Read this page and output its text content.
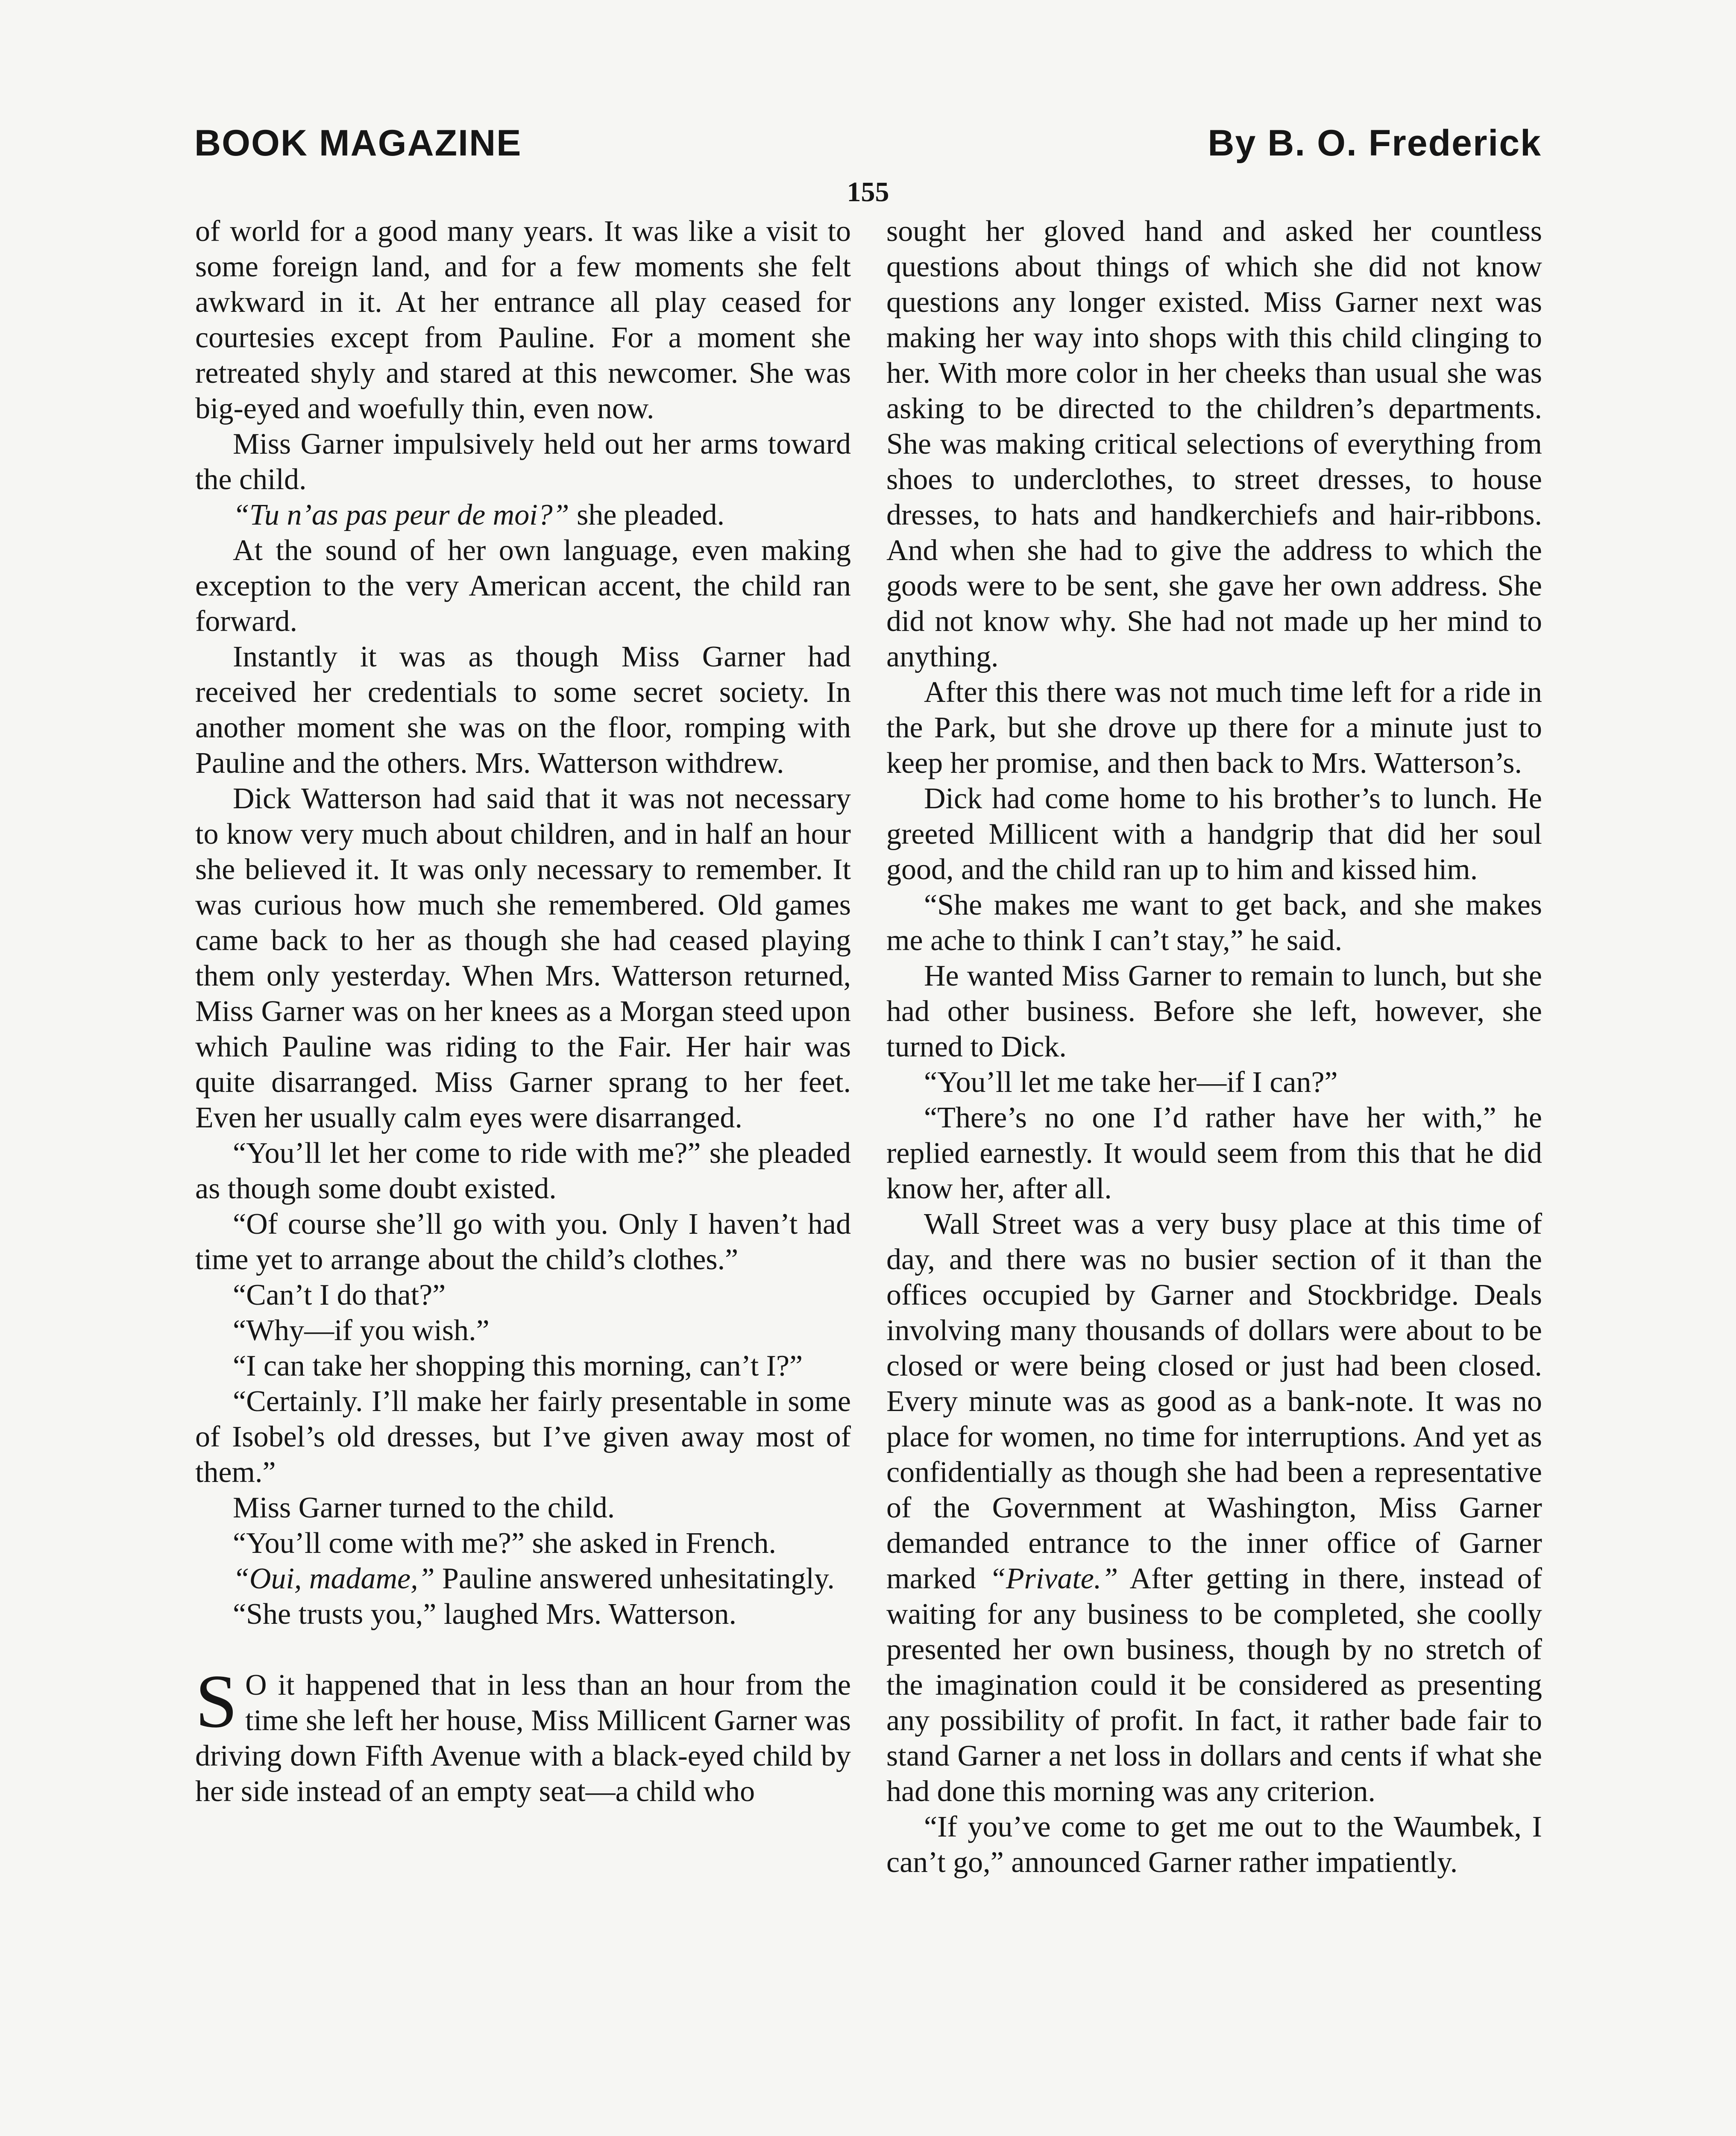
BOOK MAGAZINE	By B. O. Frederick
155

of world for a good many years. It was like a visit to some foreign land, and for a few moments she felt awkward in it. At her entrance all play ceased for courtesies except from Pauline. For a moment she retreated shyly and stared at this newcomer. She was big-eyed and woefully thin, even now.

Miss Garner impulsively held out her arms toward the child.

“Tu n’as pas peur de moi?” she pleaded.

At the sound of her own language, even making exception to the very American accent, the child ran forward.

Instantly it was as though Miss Garner had received her credentials to some secret society. In another moment she was on the floor, romping with Pauline and the others. Mrs. Watterson withdrew.

Dick Watterson had said that it was not necessary to know very much about children, and in half an hour she believed it. It was only necessary to remember. It was curious how much she remembered. Old games came back to her as though she had ceased playing them only yesterday. When Mrs. Watterson returned, Miss Garner was on her knees as a Morgan steed upon which Pauline was riding to the Fair. Her hair was quite disarranged. Miss Garner sprang to her feet. Even her usually calm eyes were disarranged.

“You’ll let her come to ride with me?” she pleaded as though some doubt existed.

“Of course she’ll go with you. Only I haven’t had time yet to arrange about the child’s clothes.”

“Can’t I do that?”

“Why—if you wish.”

“I can take her shopping this morning, can’t I?”

“Certainly. I’ll make her fairly presentable in some of Isobel’s old dresses, but I’ve given away most of them.”

Miss Garner turned to the child.

“You’ll come with me?” she asked in French.

“Oui, madame,” Pauline answered unhesitatingly.

“She trusts you,” laughed Mrs. Watterson.

S O it happened that in less than an hour from the time she left her house, Miss Millicent Garner was driving down Fifth Avenue with a black-eyed child by her side instead of an empty seat—a child who

sought her gloved hand and asked her countless questions about things of which she did not know questions any longer existed. Miss Garner next was making her way into shops with this child clinging to her. With more color in her cheeks than usual she was asking to be directed to the children’s departments. She was making critical selections of everything from shoes to underclothes, to street dresses, to house dresses, to hats and handkerchiefs and hair-ribbons. And when she had to give the address to which the goods were to be sent, she gave her own address. She did not know why. She had not made up her mind to anything.

After this there was not much time left for a ride in the Park, but she drove up there for a minute just to keep her promise, and then back to Mrs. Watterson’s.

Dick had come home to his brother’s to lunch. He greeted Millicent with a handgrip that did her soul good, and the child ran up to him and kissed him.

“She makes me want to get back, and she makes me ache to think I can’t stay,” he said.

He wanted Miss Garner to remain to lunch, but she had other business. Before she left, however, she turned to Dick.

“You’ll let me take her—if I can?”

“There’s no one I’d rather have her with,” he replied earnestly. It would seem from this that he did know her, after all.

Wall Street was a very busy place at this time of day, and there was no busier section of it than the offices occupied by Garner and Stockbridge. Deals involving many thousands of dollars were about to be closed or were being closed or just had been closed. Every minute was as good as a bank-note. It was no place for women, no time for interruptions. And yet as confidentially as though she had been a representative of the Government at Washington, Miss Garner demanded entrance to the inner office of Garner marked “Private.” After getting in there, instead of waiting for any business to be completed, she coolly presented her own business, though by no stretch of the imagination could it be considered as presenting any possibility of profit. In fact, it rather bade fair to stand Garner a net loss in dollars and cents if what she had done this morning was any criterion.

“If you’ve come to get me out to the Waumbek, I can’t go,” announced Garner rather impatiently.
